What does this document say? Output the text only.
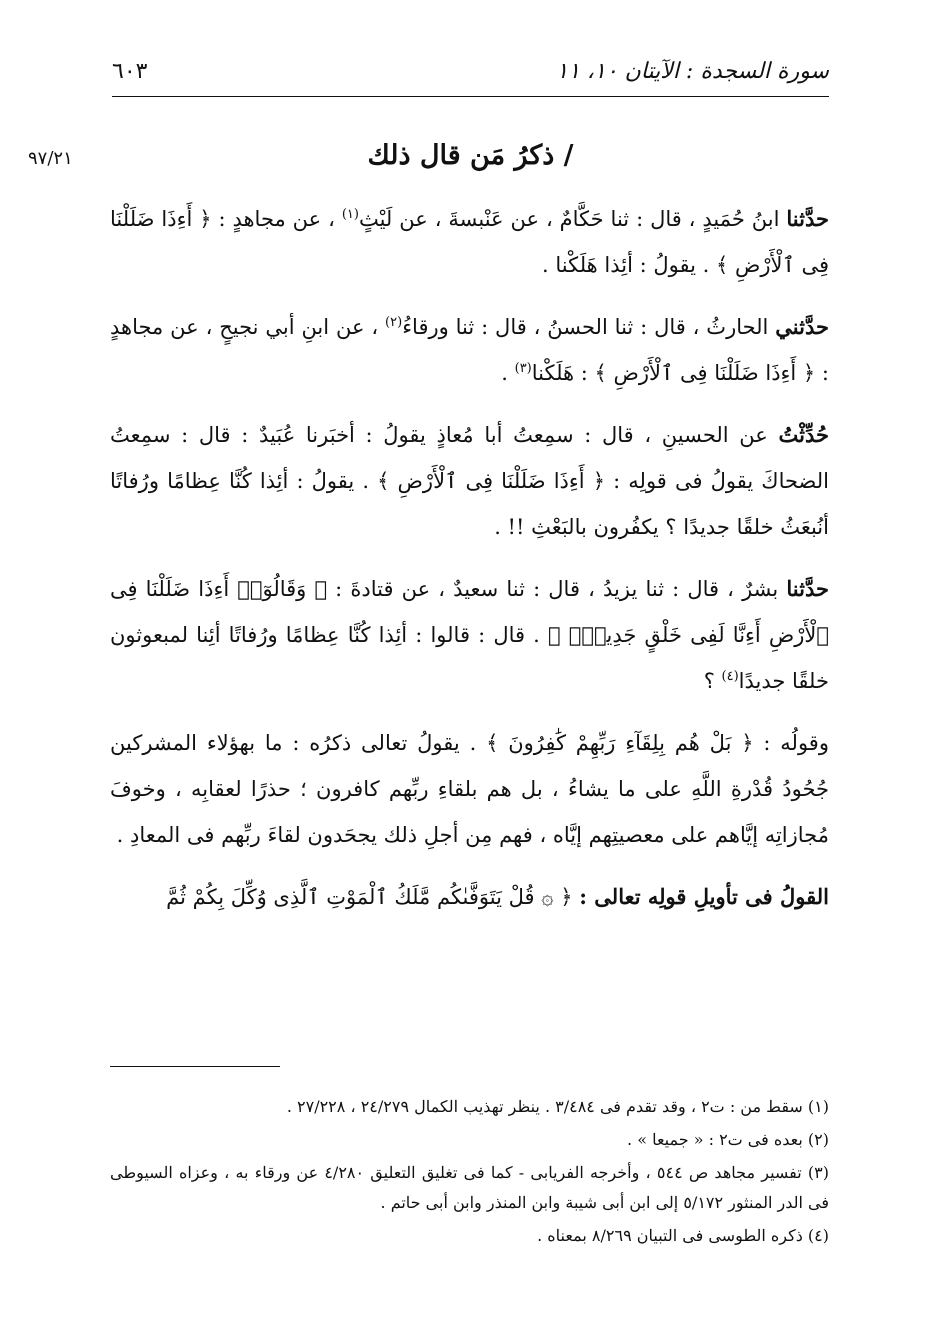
سورة السجدة : الآيتان ١٠، ١١
٦٠٣
٩٧/٢١	/ ذكرُ مَن قال ذلك

حدَّثنا ابنُ حُمَيدٍ ، قال : ثنا حَكَّامٌ ، عن عَنْبسةَ ، عن لَيْثٍ$^{(١)}$ ، عن مجاهدٍ : ﴿ أَءِذَا ضَلَلْنَا فِى ٱلْأَرْضِ ﴾ . يقولُ : أئِذا هَلَكْنا .

حدَّثني الحارثُ ، قال : ثنا الحسنُ ، قال : ثنا ورقاءُ$^{(٢)}$ ، عن ابنِ أبي نجيحٍ ، عن مجاهدٍ : ﴿ أَءِذَا ضَلَلْنَا فِى ٱلْأَرْضِ ﴾ : هَلَكْنا$^{(٣)}$ .

حُدِّثْتُ عن الحسينِ ، قال : سمِعتُ أبا مُعاذٍ يقولُ : أخبَرنا عُبَيدٌ : قال : سمِعتُ الضحاكَ يقولُ فى قولِه : ﴿ أَءِذَا ضَلَلْنَا فِى ٱلْأَرْضِ ﴾ . يقولُ : أئِذا كُنَّا عِظامًا ورُفاتًا أنُبعَثُ خلقًا جديدًا ؟ يكفُرون بالبَعْثِ !! .

حدَّثنا بشرٌ ، قال : ثنا يزيدُ ، قال : ثنا سعيدٌ ، عن قتادةَ : ﴿ وَقَالُوٓا۟ أَءِذَا ضَلَلْنَا فِى ٱلْأَرْضِ أَءِنَّا لَفِى خَلْقٍ جَدِيدٍۭ ﴾ . قال : قالوا : أئِذا كُنَّا عِظامًا ورُفاتًا أئِنا لمبعوثون خلقًا جديدًا$^{(٤)}$ ؟

وقولُه : ﴿ بَلْ هُم بِلِقَآءِ رَبِّهِمْ كَٰفِرُونَ ﴾ . يقولُ تعالى ذكرُه : ما بهؤلاء المشركين جُحُودُ قُدْرةِ اللَّهِ على ما يشاءُ ، بل هم بلقاءِ ربِّهم كافرون ؛ حذرًا لعقابِه ، وخوفَ مُجازاتِه إيَّاهم على معصيتِهم إيَّاه ، فهم مِن أجلِ ذلك يجحَدون لقاءَ ربِّهم فى المعادِ .

القولُ فى تأويلِ قولِه تعالى : ﴿ ۞ قُلْ يَتَوَفَّىٰكُم مَّلَكُ ٱلْمَوْتِ ٱلَّذِى وُكِّلَ بِكُمْ ثُمَّ

(١) سقط من : ت٢ ، وقد تقدم فى ٣/٤٨٤ . ينظر تهذيب الكمال ٢٤/٢٧٩ ، ٢٧/٢٢٨ .

(٢) بعده فى ت٢ : « جميعا » .

(٣) تفسير مجاهد ص ٥٤٤ ، وأخرجه الفريابى - كما فى تغليق التعليق ٤/٢٨٠ عن ورقاء به ، وعزاه السيوطى فى الدر المنثور ٥/١٧٢ إلى ابن أبى شيبة وابن المنذر وابن أبى حاتم .

(٤) ذكره الطوسى فى التبيان ٨/٢٦٩ بمعناه .
